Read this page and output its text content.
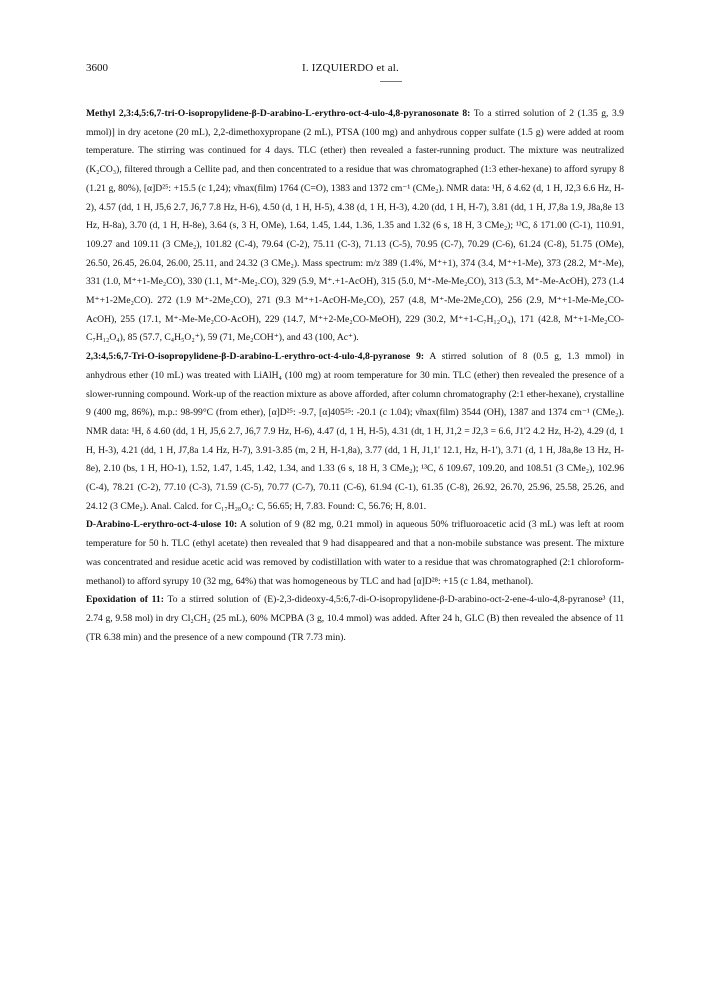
3600	I. IZQUIERDO et al.

Methyl 2,3:4,5:6,7-tri-O-isopropylidene-β-D-arabino-L-erythro-oct-4-ulo-4,8-pyranosonate 8: To a stirred solution of 2 (1.35 g, 3.9 mmol)] in dry acetone (20 mL), 2,2-dimethoxypropane (2 mL), PTSA (100 mg) and anhydrous copper sulfate (1.5 g) were added at room temperature. The stirring was continued for 4 days. TLC (ether) then revealed a faster-running product. The mixture was neutralized (K₂CO₃), filtered through a Cellite pad, and then concentrated to a residue that was chromatographed (1:3 ether-hexane) to afford syrupy 8 (1.21 g, 80%), [α]D²⁵: +15.5 (c 1,24); ν̃max(film) 1764 (C=O), 1383 and 1372 cm⁻¹ (CMe₂). NMR data: ¹H, δ 4.62 (d, 1 H, J2,3 6.6 Hz, H-2), 4.57 (dd, 1 H, J5,6 2.7, J6,7 7.8 Hz, H-6), 4.50 (d, 1 H, H-5), 4.38 (d, 1 H, H-3), 4.20 (dd, 1 H, H-7), 3.81 (dd, 1 H, J7,8a 1.9, J8a,8e 13 Hz, H-8a), 3.70 (d, 1 H, H-8e), 3.64 (s, 3 H, OMe), 1.64, 1.45, 1.44, 1.36, 1.35 and 1.32 (6 s, 18 H, 3 CMe₂); ¹³C, δ 171.00 (C-1), 110.91, 109.27 and 109.11 (3 CMe₂), 101.82 (C-4), 79.64 (C-2), 75.11 (C-3), 71.13 (C-5), 70.95 (C-7), 70.29 (C-6), 61.24 (C-8), 51.75 (OMe), 26.50, 26.45, 26.04, 26.00, 25.11, and 24.32 (3 CMe₂). Mass spectrum: m/z 389 (1.4%, M⁺+1), 374 (3.4, M⁺+1-Me), 373 (28.2, M⁺-Me), 331 (1.0, M⁺+1-Me₂CO), 330 (1.1, M⁺-Me₂.CO), 329 (5.9, M⁺.+1-AcOH), 315 (5.0, M⁺-Me-Me₂CO), 313 (5.3, M⁺-Me-AcOH), 273 (1.4 M⁺+1-2Me₂CO). 272 (1.9 M⁺-2Me₂CO), 271 (9.3 M⁺+1-AcOH-Me₂CO), 257 (4.8, M⁺-Me-2Me₂CO), 256 (2.9, M⁺+1-Me-Me₂CO-AcOH), 255 (17.1, M⁺-Me-Me₂CO-AcOH), 229 (14.7, M⁺+2-Me₂CO-MeOH), 229 (30.2, M⁺+1-C₇H₁₂O₄), 171 (42.8, M⁺+1-Me₂CO-C₇H₁₂O₄), 85 (57.7, C₄H₅O₂⁺), 59 (71, Me₂COH⁺), and 43 (100, Ac⁺).

2,3:4,5:6,7-Tri-O-isopropylidene-β-D-arabino-L-erythro-oct-4-ulo-4,8-pyranose 9: A stirred solution of 8 (0.5 g, 1.3 mmol) in anhydrous ether (10 mL) was treated with LiAlH₄ (100 mg) at room temperature for 30 min. TLC (ether) then revealed the presence of a slower-running compound. Work-up of the reaction mixture as above afforded, after column chromatography (2:1 ether-hexane), crystalline 9 (400 mg, 86%), m.p.: 98-99°C (from ether), [α]D²⁵: -9.7, [α]405²⁵: -20.1 (c 1.04); ν̃max(film) 3544 (OH), 1387 and 1374 cm⁻¹ (CMe₂). NMR data: ¹H, δ 4.60 (dd, 1 H, J5,6 2.7, J6,7 7.9 Hz, H-6), 4.47 (d, 1 H, H-5), 4.31 (dt, 1 H, J1,2 = J2,3 = 6.6, J1'2 4.2 Hz, H-2), 4.29 (d, 1 H, H-3), 4.21 (dd, 1 H, J7,8a 1.4 Hz, H-7), 3.91-3.85 (m, 2 H, H-1,8a), 3.77 (dd, 1 H, J1,1' 12.1, Hz, H-1'), 3.71 (d, 1 H, J8a,8e 13 Hz, H-8e), 2.10 (bs, 1 H, HO-1), 1.52, 1.47, 1.45, 1.42, 1.34, and 1.33 (6 s, 18 H, 3 CMe₂); ¹³C, δ 109.67, 109.20, and 108.51 (3 CMe₂), 102.96 (C-4), 78.21 (C-2), 77.10 (C-3), 71.59 (C-5), 70.77 (C-7), 70.11 (C-6), 61.94 (C-1), 61.35 (C-8), 26.92, 26.70, 25.96, 25.58, 25.26, and 24.12 (3 CMe₂). Anal. Calcd. for C₁₇H₂₈O₆: C, 56.65; H, 7.83. Found: C, 56.76; H, 8.01.

D-Arabino-L-erythro-oct-4-ulose 10: A solution of 9 (82 mg, 0.21 mmol) in aqueous 50% trifluoroacetic acid (3 mL) was left at room temperature for 50 h. TLC (ethyl acetate) then revealed that 9 had disappeared and that a non-mobile substance was present. The mixture was concentrated and residue acetic acid was removed by codistillation with water to a residue that was chromatographed (2:1 chloroform-methanol) to afford syrupy 10 (32 mg, 64%) that was homogeneous by TLC and had [α]D²⁸: +15 (c 1.84, methanol).

Epoxidation of 11: To a stirred solution of (E)-2,3-dideoxy-4,5:6,7-di-O-isopropylidene-β-D-arabino-oct-2-ene-4-ulo-4,8-pyranose³ (11, 2.74 g, 9.58 mol) in dry Cl₂CH₂ (25 mL), 60% MCPBA (3 g, 10.4 mmol) was added. After 24 h, GLC (B) then revealed the absence of 11 (TR 6.38 min) and the presence of a new compound (TR 7.73 min).
